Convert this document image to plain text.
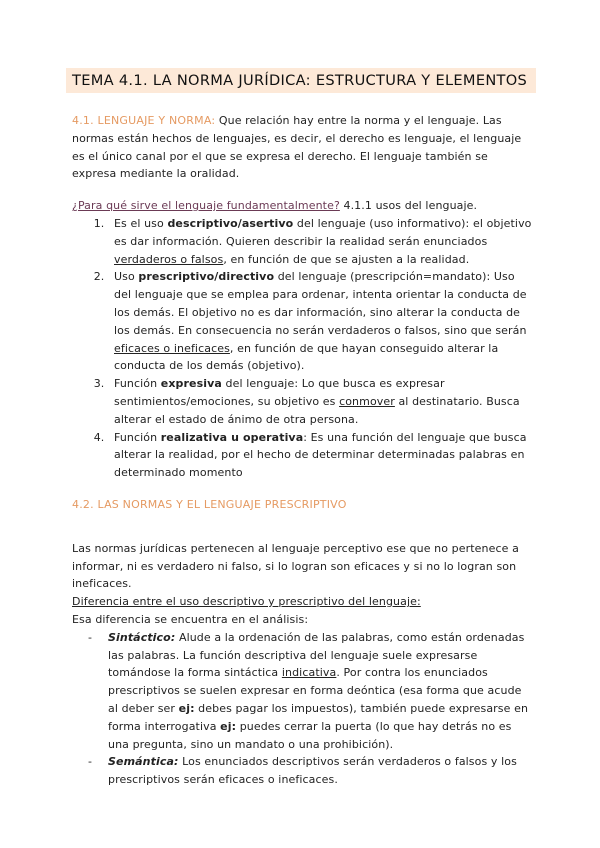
TEMA 4.1. LA NORMA JURÍDICA: ESTRUCTURA Y ELEMENTOS

4.1. LENGUAJE Y NORMA: Que relación hay entre la norma y el lenguaje. Las normas están hechos de lenguajes, es decir, el derecho es lenguaje, el lenguaje es el único canal por el que se expresa el derecho. El lenguaje también se expresa mediante la oralidad.

¿Para qué sirve el lenguaje fundamentalmente? 4.1.1 usos del lenguaje.

1. Es el uso descriptivo/asertivo del lenguaje (uso informativo): el objetivo es dar información. Quieren describir la realidad serán enunciados verdaderos o falsos, en función de que se ajusten a la realidad.
2. Uso prescriptivo/directivo del lenguaje (prescripción=mandato): Uso del lenguaje que se emplea para ordenar, intenta orientar la conducta de los demás. El objetivo no es dar información, sino alterar la conducta de los demás. En consecuencia no serán verdaderos o falsos, sino que serán eficaces o ineficaces, en función de que hayan conseguido alterar la conducta de los demás (objetivo).
3. Función expresiva del lenguaje: Lo que busca es expresar sentimientos/emociones, su objetivo es conmover al destinatario. Busca alterar el estado de ánimo de otra persona.
4. Función realizativa u operativa: Es una función del lenguaje que busca alterar la realidad, por el hecho de determinar determinadas palabras en determinado momento

4.2. LAS NORMAS Y EL LENGUAJE PRESCRIPTIVO

Las normas jurídicas pertenecen al lenguaje perceptivo ese que no pertenece a informar, ni es verdadero ni falso, si lo logran son eficaces y si no lo logran son ineficaces.

Diferencia entre el uso descriptivo y prescriptivo del lenguaje:

Esa diferencia se encuentra en el análisis:

- Sintáctico: Alude a la ordenación de las palabras, como están ordenadas las palabras. La función descriptiva del lenguaje suele expresarse tomándose la forma sintáctica indicativa. Por contra los enunciados prescriptivos se suelen expresar en forma deóntica (esa forma que acude al deber ser ej: debes pagar los impuestos), también puede expresarse en forma interrogativa ej: puedes cerrar la puerta (lo que hay detrás no es una pregunta, sino un mandato o una prohibición).
- Semántica: Los enunciados descriptivos serán verdaderos o falsos y los prescriptivos serán eficaces o ineficaces.
